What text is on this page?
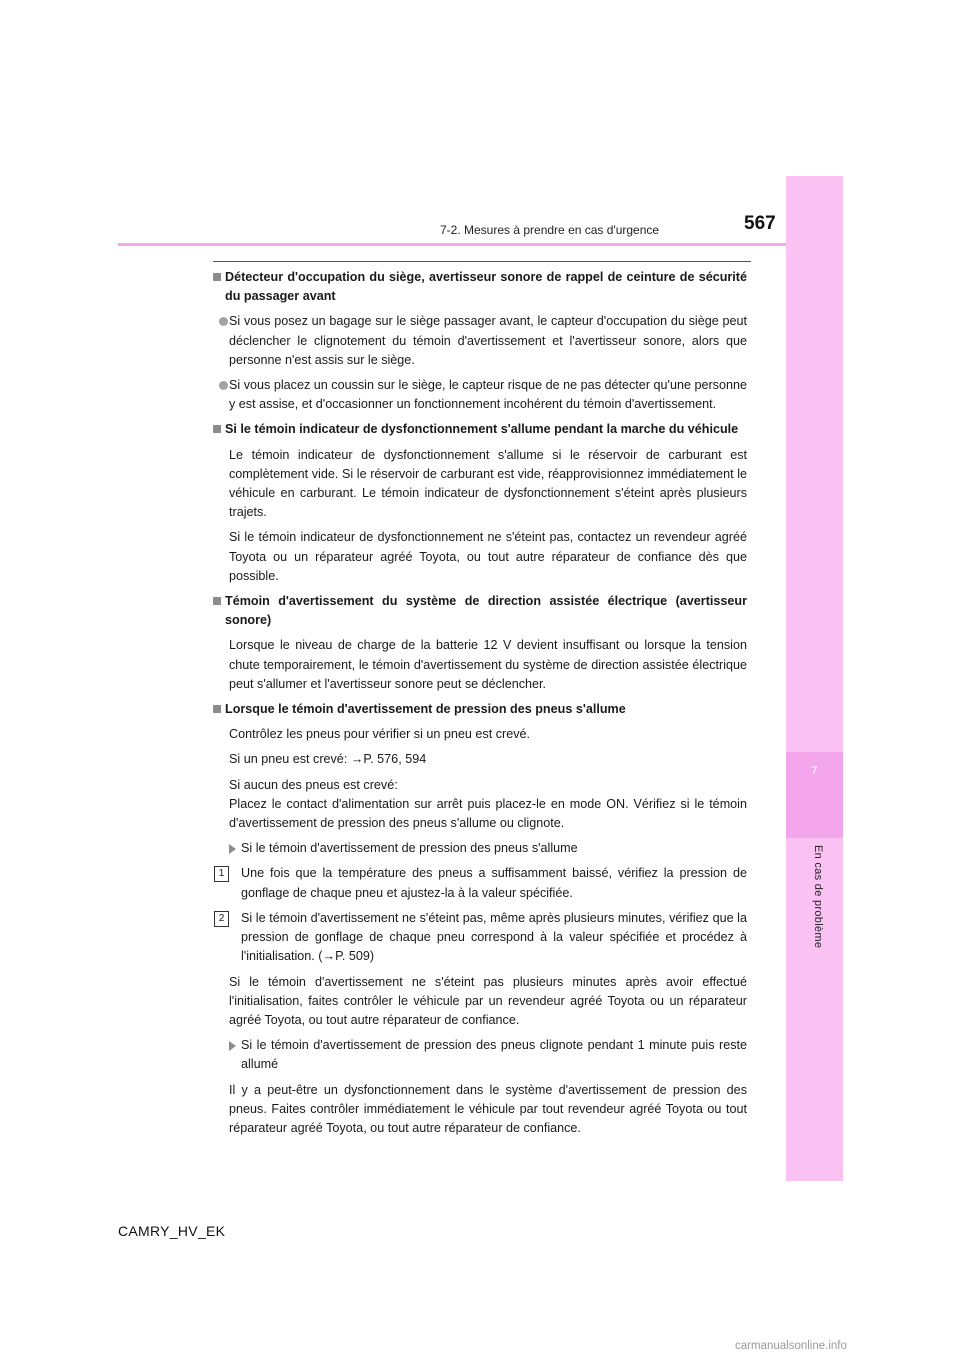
7
En cas de problème
7-2. Mesures à prendre en cas d'urgence	567
Détecteur d'occupation du siège, avertisseur sonore de rappel de ceinture de sécurité du passager avant
Si vous posez un bagage sur le siège passager avant, le capteur d'occupation du siège peut déclencher le clignotement du témoin d'avertissement et l'avertisseur sonore, alors que personne n'est assis sur le siège.
Si vous placez un coussin sur le siège, le capteur risque de ne pas détecter qu'une personne y est assise, et d'occasionner un fonctionnement incohérent du témoin d'avertissement.
Si le témoin indicateur de dysfonctionnement s'allume pendant la marche du véhicule
Le témoin indicateur de dysfonctionnement s'allume si le réservoir de carburant est complètement vide. Si le réservoir de carburant est vide, réapprovisionnez immédiatement le véhicule en carburant. Le témoin indicateur de dysfonctionnement s'éteint après plusieurs trajets.
Si le témoin indicateur de dysfonctionnement ne s'éteint pas, contactez un revendeur agréé Toyota ou un réparateur agréé Toyota, ou tout autre réparateur de confiance dès que possible.
Témoin d'avertissement du système de direction assistée électrique (avertisseur sonore)
Lorsque le niveau de charge de la batterie 12 V devient insuffisant ou lorsque la tension chute temporairement, le témoin d'avertissement du système de direction assistée électrique peut s'allumer et l'avertisseur sonore peut se déclencher.
Lorsque le témoin d'avertissement de pression des pneus s'allume
Contrôlez les pneus pour vérifier si un pneu est crevé.
Si un pneu est crevé: →P. 576, 594
Si aucun des pneus est crevé:
Placez le contact d'alimentation sur arrêt puis placez-le en mode ON. Vérifiez si le témoin d'avertissement de pression des pneus s'allume ou clignote.
Si le témoin d'avertissement de pression des pneus s'allume
1	Une fois que la température des pneus a suffisamment baissé, vérifiez la pression de gonflage de chaque pneu et ajustez-la à la valeur spécifiée.
2	Si le témoin d'avertissement ne s'éteint pas, même après plusieurs minutes, vérifiez que la pression de gonflage de chaque pneu correspond à la valeur spécifiée et procédez à l'initialisation. (→P. 509)
Si le témoin d'avertissement ne s'éteint pas plusieurs minutes après avoir effectué l'initialisation, faites contrôler le véhicule par un revendeur agréé Toyota ou un réparateur agréé Toyota, ou tout autre réparateur de confiance.
Si le témoin d'avertissement de pression des pneus clignote pendant 1 minute puis reste allumé
Il y a peut-être un dysfonctionnement dans le système d'avertissement de pression des pneus. Faites contrôler immédiatement le véhicule par tout revendeur agréé Toyota ou tout réparateur agréé Toyota, ou tout autre réparateur de confiance.
CAMRY_HV_EK
carmanualsonline.info
